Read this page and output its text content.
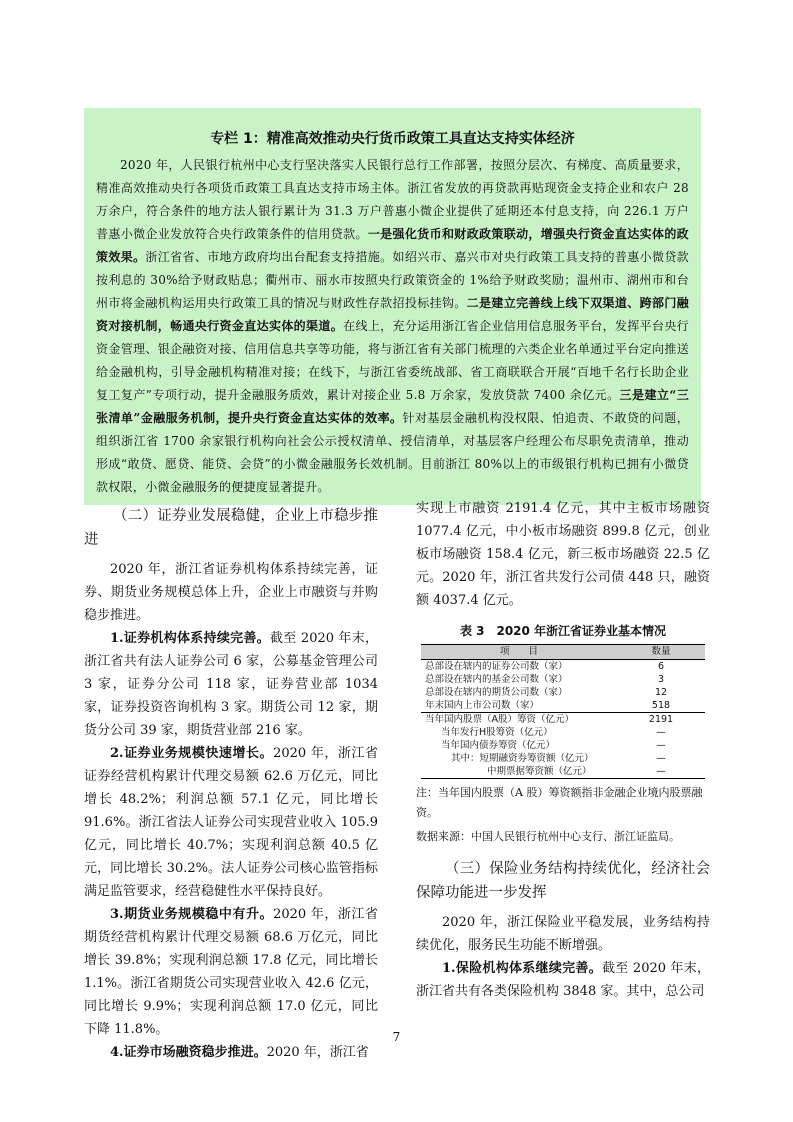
专栏 1：精准高效推动央行货币政策工具直达支持实体经济

2020 年，人民银行杭州中心支行坚决落实人民银行总行工作部署，按照分层次、有梯度、高质量要求，精准高效推动央行各项货币政策工具直达支持市场主体。浙江省发放的再贷款再贴现资金支持企业和农户 28 万余户，符合条件的地方法人银行累计为 31.3 万户普惠小微企业提供了延期还本付息支持，向 226.1 万户普惠小微企业发放符合央行政策条件的信用贷款。一是强化货币和财政政策联动，增强央行资金直达实体的政策效果。浙江省省、市地方政府均出台配套支持措施。如绍兴市、嘉兴市对央行政策工具支持的普惠小微贷款按利息的 30%给予财政贴息；衢州市、丽水市按照央行政策资金的 1%给予财政奖励；温州市、湖州市和台州市将金融机构运用央行政策工具的情况与财政性存款招投标挂钩。二是建立完善线上线下双渠道、跨部门融资对接机制，畅通央行资金直达实体的渠道。在线上，充分运用浙江省企业信用信息服务平台，发挥平台央行资金管理、银企融资对接、信用信息共享等功能，将与浙江省有关部门梳理的六类企业名单通过平台定向推送给金融机构，引导金融机构精准对接；在线下，与浙江省委统战部、省工商联联合开展“百地千名行长助企业复工复产”专项行动，提升金融服务质效，累计对接企业 5.8 万余家，发放贷款 7400 余亿元。三是建立“三张清单”金融服务机制，提升央行资金直达实体的效率。针对基层金融机构没权限、怕追责、不敢贷的问题，组织浙江省 1700 余家银行机构向社会公示授权清单、授信清单，对基层客户经理公布尽职免责清单，推动形成“敢贷、愿贷、能贷、会贷”的小微金融服务长效机制。目前浙江 80%以上的市级银行机构已拥有小微贷款权限，小微金融服务的便捷度显著提升。

（二）证券业发展稳健，企业上市稳步推进

2020 年，浙江省证券机构体系持续完善，证券、期货业务规模总体上升，企业上市融资与并购稳步推进。

1.证券机构体系持续完善。截至 2020 年末，浙江省共有法人证券公司 6 家，公募基金管理公司 3 家，证券分公司 118 家，证券营业部 1034 家，证券投资咨询机构 3 家。期货公司 12 家，期货分公司 39 家，期货营业部 216 家。

2.证券业务规模快速增长。2020 年，浙江省证券经营机构累计代理交易额 62.6 万亿元，同比增长 48.2%；利润总额 57.1 亿元，同比增长 91.6%。浙江省法人证券公司实现营业收入 105.9 亿元，同比增长 40.7%；实现利润总额 40.5 亿元，同比增长 30.2%。法人证券公司核心监管指标满足监管要求，经营稳健性水平保持良好。

3.期货业务规模稳中有升。2020 年，浙江省期货经营机构累计代理交易额 68.6 万亿元，同比增长 39.8%；实现利润总额 17.8 亿元，同比增长 1.1%。浙江省期货公司实现营业收入 42.6 亿元，同比增长 9.9%；实现利润总额 17.0 亿元，同比下降 11.8%。

4.证券市场融资稳步推进。2020 年，浙江省

实现上市融资 2191.4 亿元，其中主板市场融资 1077.4 亿元，中小板市场融资 899.8 亿元，创业板市场融资 158.4 亿元，新三板市场融资 22.5 亿元。2020 年，浙江省共发行公司债 448 只，融资额 4037.4 亿元。

表 3　2020 年浙江省证券业基本情况

项　　目	数量
总部设在辖内的证券公司数（家）	6
总部设在辖内的基金公司数（家）	3
总部设在辖内的期货公司数（家）	12
年末国内上市公司数（家）	518
当年国内股票（A股）筹资（亿元）	2191
当年发行H股筹资（亿元）	—
当年国内债券筹资（亿元）	—
其中：短期融资券筹资额（亿元）	—
中期票据筹资额（亿元）	—

注：当年国内股票（A 股）筹资额指非金融企业境内股票融资。

数据来源：中国人民银行杭州中心支行、浙江证监局。

（三）保险业务结构持续优化，经济社会保障功能进一步发挥

2020 年，浙江保险业平稳发展，业务结构持续优化，服务民生功能不断增强。

1.保险机构体系继续完善。截至 2020 年末，浙江省共有各类保险机构 3848 家。其中，总公司

7
